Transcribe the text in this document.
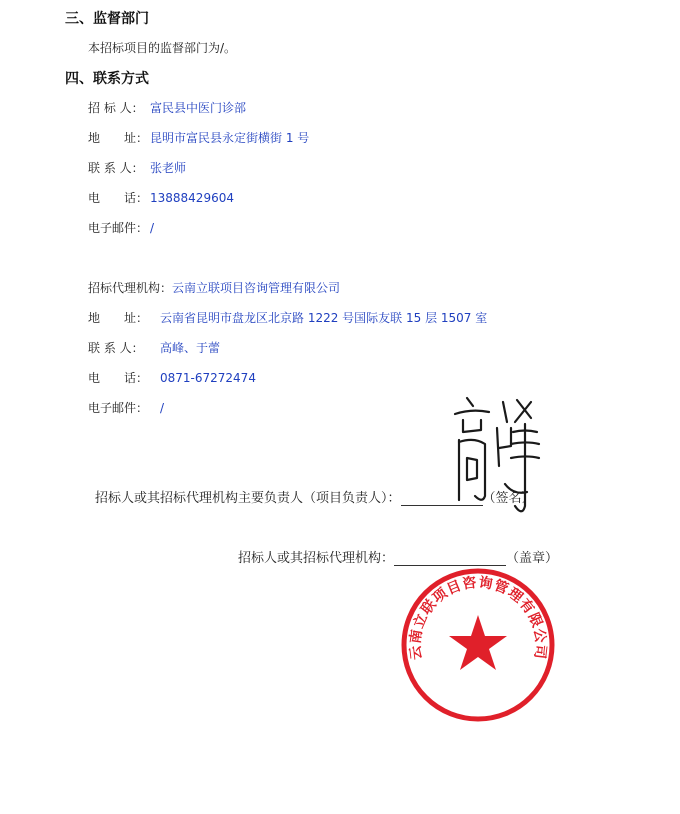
三、监督部门
本招标项目的监督部门为/。
四、联系方式
招 标 人： 富民县中医门诊部
地　　址： 昆明市富民县永定街横街 1 号
联 系 人： 张老师
电　　话： 13888429604
电子邮件： /
招标代理机构：云南立联项目咨询管理有限公司
地　　址： 云南省昆明市盘龙区北京路 1222 号国际友联 15 层 1507 室
联 系 人： 高峰、于蕾
电　　话： 0871-67272474
电子邮件： /
招标人或其招标代理机构主要负责人（项目负责人）：	（签名）
招标人或其招标代理机构：	（盖章）
云南立联项目咨询管理有限公司
